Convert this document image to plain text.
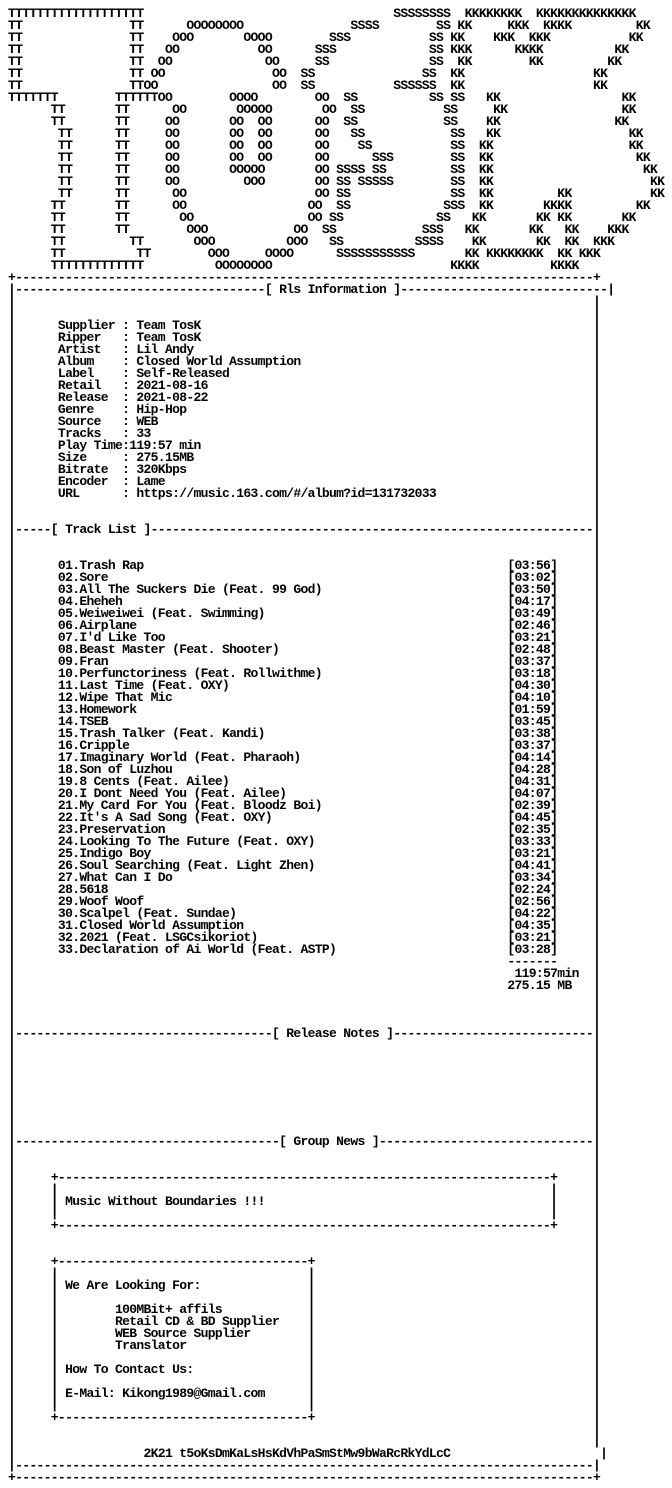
TTTTTTTTTTTTTTTTTTT                                   SSSSSSSS  KKKKKKKK  KKKKKKKKKKKKKK
TT               TT      OOOOOOOO               SSSS        SS KK     KKK  KKKK         KK
TT               TT    OOO       OOOO        SSS           SS KK    KKK  KKK           KK
TT               TT   OO           OO      SSS             SS KKK      KKKK          KK
TT               TT  OO             OO     SS              SS  KK        KK         KK
TT               TT OO               OO  SS               SS  KK                  KK
TT               TTOO                OO  SS           SSSSSS  KK                  KK
TTTTTTT        TTTTTTOO        OOOO        OO  SS          SS SS   KK                 KK
TT       TT      OO       OOOOO       OO  SS           SS     KK                KK
TT       TT     OO       OO  OO      OO  SS            SS    KK                KK
TT      TT     OO       OO  OO      OO   SS            SS   KK                  KK
TT      TT     OO       OO  OO      OO    SS           SS  KK                   KK
TT      TT     OO       OO  OO      OO      SSS        SS  KK                    KK
TT      TT     OO       OOOOO       OO SSSS SS         SS  KK                     KK
TT      TT     OO         OOO       OO SS SSSSS        SS  KK                      KK
TT      TT      OO                  OO SS              SS  KK         KK           KK
TT       TT      OO                 OO  SS             SSS  KK       KKKK         KK
TT       TT       OO                OO SS             SS   KK       KK KK       KK
TT       TT        OOO            OO  SS            SSS   KK       KK   KK    KKK
TT         TT       OOO          OOO   SS          SSSS    KK       KK  KK  KKK
TT          TT        OOO     OOOO      SSSSSSSSSSS       KK KKKKKKKK  KK KKK
TTTTTTTTTTTTT          OOOOOOOO                         KKKK          KKKK
+---------------------------------------------------------------------------------+
|-----------------------------------[ Rls Information ]-----------------------------|
|                                                                                 |
|                                                                                 |
|      Supplier : Team TosK                                                       |
|      Ripper   : Team TosK                                                       |
|      Artist   : Lil Andy                                                        |
|      Album    : Closed World Assumption                                         |
|      Label    : Self-Released                                                   |
|      Retail   : 2021-08-16                                                      |
|      Release  : 2021-08-22                                                      |
|      Genre    : Hip-Hop                                                         |
|      Source   : WEB                                                             |
|      Tracks   : 33                                                              |
|      Play Time:119:57 min                                                       |
|      Size     : 275.15MB                                                        |
|      Bitrate  : 320Kbps                                                         |
|      Encoder  : Lame                                                            |
|      URL      : https://music.163.com/#/album?id=131732033                      |
|                                                                                 |
|                                                                                 |
|-----[ Track List ]--------------------------------------------------------------|
|                                                                                 |
|                                                                                 |
|      01.Trash Rap                                                   [03:56]     |
|      02.Sore                                                        [03:02]     |
|      03.All The Suckers Die (Feat. 99 God)                          [03:50]     |
|      04.Eheheh                                                      [04:17]     |
|      05.Weiweiwei (Feat. Swimming)                                  [03:49]     |
|      06.Airplane                                                    [02:46]     |
|      07.I'd Like Too                                                [03:21]     |
|      08.Beast Master (Feat. Shooter)                                [02:48]     |
|      09.Fran                                                        [03:37]     |
|      10.Perfunctoriness (Feat. Rollwithme)                          [03:18]     |
|      11.Last Time (Feat. OXY)                                       [04:30]     |
|      12.Wipe That Mic                                               [04:10]     |
|      13.Homework                                                    [01:59]     |
|      14.TSEB                                                        [03:45]     |
|      15.Trash Talker (Feat. Kandi)                                  [03:38]     |
|      16.Cripple                                                     [03:37]     |
|      17.Imaginary World (Feat. Pharaoh)                             [04:14]     |
|      18.Son of Luzhou                                               [04:28]     |
|      19.8 Cents (Feat. Ailee)                                       [04:31]     |
|      20.I Dont Need You (Feat. Ailee)                               [04:07]     |
|      21.My Card For You (Feat. Bloodz Boi)                          [02:39]     |
|      22.It's A Sad Song (Feat. OXY)                                 [04:45]     |
|      23.Preservation                                                [02:35]     |
|      24.Looking To The Future (Feat. OXY)                           [03:33]     |
|      25.Indigo Boy                                                  [03:21]     |
|      26.Soul Searching (Feat. Light Zhen)                           [04:41]     |
|      27.What Can I Do                                               [03:34]     |
|      28.5618                                                        [02:24]     |
|      29.Woof Woof                                                   [02:56]     |
|      30.Scalpel (Feat. Sundae)                                      [04:22]     |
|      31.Closed World Assumption                                     [04:35]     |
|      32.2021 (Feat. LSGCsikoriot)                                   [03:21]     |
|      33.Declaration of Ai World (Feat. ASTP)                        [03:28]     |
|                                                                     -------     |
|                                                                      119:57min  |
|                                                                     275.15 MB   |
|                                                                                 |
|                                                                                 |
|                                                                                 |
|------------------------------------[ Release Notes ]----------------------------|
|                                                                                 |
|                                                                                 |
|                                                                                 |
|                                                                                 |
|                                                                                 |
|                                                                                 |
|                                                                                 |
|                                                                                 |
|-------------------------------------[ Group News ]------------------------------|
|                                                                                 |
|                                                                                 |
|     +---------------------------------------------------------------------+     |
|     |                                                                     |     |
|     | Music Without Boundaries !!!                                        |     |
|     |                                                                     |     |
|     +---------------------------------------------------------------------+     |
|                                                                                 |
|                                                                                 |
|     +-----------------------------------+                                       |
|     |                                   |                                       |
|     | We Are Looking For:               |                                       |
|     |                                   |                                       |
|     |        100MBit+ affils            |                                       |
|     |        Retail CD & BD Supplier    |                                       |
|     |        WEB Source Supplier        |                                       |
|     |        Translator                 |                                       |
|     |                                   |                                       |
|     | How To Contact Us:                |                                       |
|     |                                   |                                       |
|     | E-Mail: Kikong1989@Gmail.com      |                                       |
|     |                                   |                                       |
|     +-----------------------------------+                                       |
|                                                                                 |
|                                                                                 |
|                  2K21 t5oKsDmKaLsHsKdVhPaSmStMw9bWaRcRkYdLcC                     |
|---------------------------------------------------------------------------------|
+---------------------------------------------------------------------------------+
